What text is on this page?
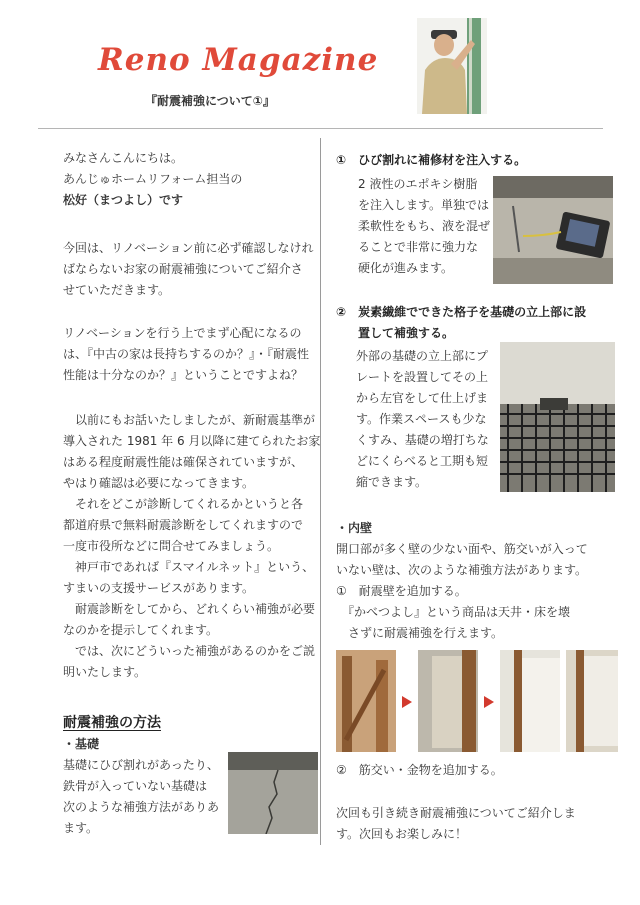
Reno Magazine
『耐震補強について①』
みなさんこんにちは。
あんじゅホームリフォーム担当の
松好（まつよし）です
今回は、リノベーション前に必ず確認しなけれ
ばならないお家の耐震補強についてご紹介さ
せていただきます。
リノベーションを行う上でまず心配になるの
は、『中古の家は長持ちするのか？』・『耐震性
性能は十分なのか？』ということですよね？
　以前にもお話いたしましたが、新耐震基準が
導入された 1981 年 6 月以降に建てられたお家
はある程度耐震性能は確保されていますが、
やはり確認は必要になってきます。
　それをどこが診断してくれるかというと各
都道府県で無料耐震診断をしてくれますので
一度市役所などに問合せてみましょう。
　神戸市であれば『スマイルネット』という、
すまいの支援サービスがあります。
　耐震診断をしてから、どれくらい補強が必要
なのかを提示してくれます。
　では、次にどういった補強があるのかをご説
明いたします。
耐震補強の方法
・基礎
基礎にひび割れがあったり、
鉄骨が入っていない基礎は
次のような補強方法がありあ
ます。
①　ひび割れに補修材を注入する。
2 液性のエポキシ樹脂
を注入します。単独では
柔軟性をもち、液を混ぜ
ることで非常に強力な
硬化が進みます。
②　炭素繊維でできた格子を基礎の立上部に設
置して補強する。
外部の基礎の立上部にプ
レートを設置してその上
から左官をして仕上げま
す。作業スペースも少な
くすみ、基礎の増打ちな
どにくらべると工期も短
縮できます。
・内壁
開口部が多く壁の少ない面や、筋交いが入って
いない壁は、次のような補強方法があります。
①　耐震壁を追加する。
　『かべつよし』という商品は天井・床を壊
　さずに耐震補強を行えます。
②　筋交い・金物を追加する。
次回も引き続き耐震補強についてご紹介しま
す。次回もお楽しみに！
